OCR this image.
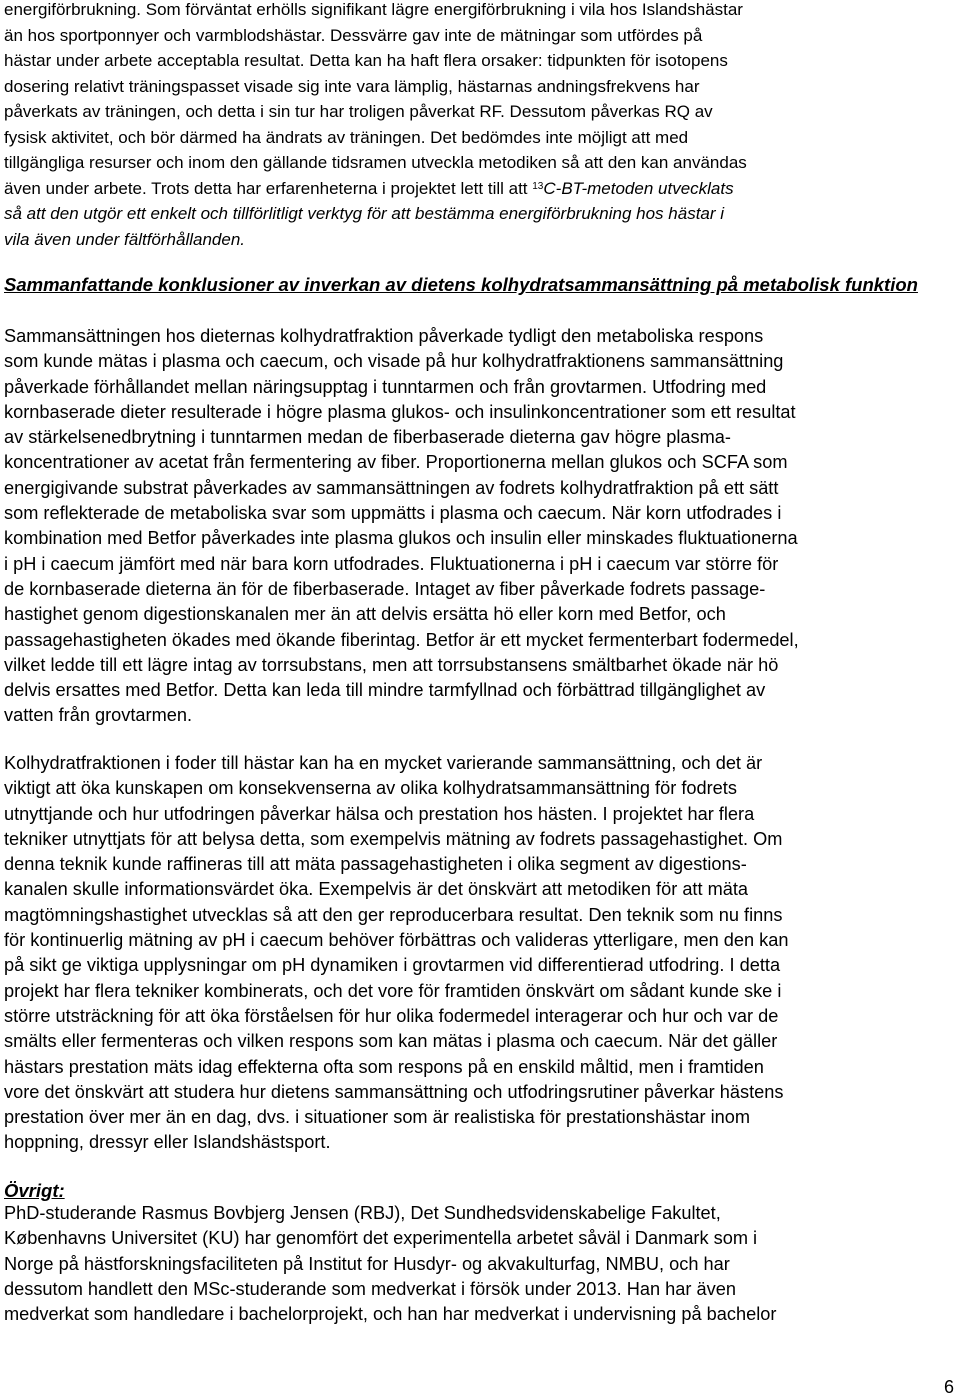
energiförbrukning. Som förväntat erhölls signifikant lägre energiförbrukning i vila hos Islandshästar
än hos sportponnyer och varmblodshästar. Dessvärre gav inte de mätningar som utfördes på
hästar under arbete acceptabla resultat. Detta kan ha haft flera orsaker: tidpunkten för isotopens
dosering relativt träningspasset visade sig inte vara lämplig, hästarnas andningsfrekvens har
påverkats av träningen, och detta i sin tur har troligen påverkat RF. Dessutom påverkas RQ av
fysisk aktivitet, och bör därmed ha ändrats av träningen. Det bedömdes inte möjligt att med
tillgängliga resurser och inom den gällande tidsramen utveckla metodiken så att den kan användas
även under arbete. Trots detta har erfarenheterna i projektet lett till att $^{13}$C-BT-metoden utvecklats
så att den utgör ett enkelt och tillförlitligt verktyg för att bestämma energiförbrukning hos hästar i
vila även under fältförhållanden.

Sammanfattande konklusioner av inverkan av dietens kolhydratsammansättning på metabolisk funktion

Sammansättningen hos dieternas kolhydratfraktion påverkade tydligt den metaboliska respons
som kunde mätas i plasma och caecum, och visade på hur kolhydratfraktionens sammansättning
påverkade förhållandet mellan näringsupptag i tunntarmen och från grovtarmen. Utfodring med
kornbaserade dieter resulterade i högre plasma glukos- och insulinkoncentrationer som ett resultat
av stärkelsenedbrytning i tunntarmen medan de fiberbaserade dieterna gav högre plasma-
koncentrationer av acetat från fermentering av fiber. Proportionerna mellan glukos och SCFA som
energigivande substrat påverkades av sammansättningen av fodrets kolhydratfraktion på ett sätt
som reflekterade de metaboliska svar som uppmätts i plasma och caecum. När korn utfodrades i
kombination med Betfor påverkades inte plasma glukos och insulin eller minskades fluktuationerna
i pH i caecum jämfört med när bara korn utfodrades. Fluktuationerna i pH i caecum var större för
de kornbaserade dieterna än för de fiberbaserade. Intaget av fiber påverkade fodrets passage-
hastighet genom digestionskanalen mer än att delvis ersätta hö eller korn med Betfor, och
passagehastigheten ökades med ökande fiberintag. Betfor är ett mycket fermenterbart fodermedel,
vilket ledde till ett lägre intag av torrsubstans, men att torrsubstansens smältbarhet ökade när hö
delvis ersattes med Betfor. Detta kan leda till mindre tarmfyllnad och förbättrad tillgänglighet av
vatten från grovtarmen.

Kolhydratfraktionen i foder till hästar kan ha en mycket varierande sammansättning, och det är
viktigt att öka kunskapen om konsekvenserna av olika kolhydratsammansättning för fodrets
utnyttjande och hur utfodringen påverkar hälsa och prestation hos hästen. I projektet har flera
tekniker utnyttjats för att belysa detta, som exempelvis mätning av fodrets passagehastighet. Om
denna teknik kunde raffineras till att mäta passagehastigheten i olika segment av digestions-
kanalen skulle informationsvärdet öka. Exempelvis är det önskvärt att metodiken för att mäta
magtömningshastighet utvecklas så att den ger reproducerbara resultat. Den teknik som nu finns
för kontinuerlig mätning av pH i caecum behöver förbättras och valideras ytterligare, men den kan
på sikt ge viktiga upplysningar om pH dynamiken i grovtarmen vid differentierad utfodring. I detta
projekt har flera tekniker kombinerats, och det vore för framtiden önskvärt om sådant kunde ske i
större utsträckning för att öka förståelsen för hur olika fodermedel interagerar och hur och var de
smälts eller fermenteras och vilken respons som kan mätas i plasma och caecum. När det gäller
hästars prestation mäts idag effekterna ofta som respons på en enskild måltid, men i framtiden
vore det önskvärt att studera hur dietens sammansättning och utfodringsrutiner påverkar hästens
prestation över mer än en dag, dvs. i situationer som är realistiska för prestationshästar inom
hoppning, dressyr eller Islandshästsport.

Övrigt:

PhD-studerande Rasmus Bovbjerg Jensen (RBJ), Det Sundhedsvidenskabelige Fakultet,
Københavns Universitet (KU) har genomfört det experimentella arbetet såväl i Danmark som i
Norge på hästforskningsfaciliteten på Institut for Husdyr- og akvakulturfag, NMBU, och har
dessutom handlett den MSc-studerande som medverkat i försök under 2013. Han har även
medverkat som handledare i bachelorprojekt, och han har medverkat i undervisning på bachelor

6
